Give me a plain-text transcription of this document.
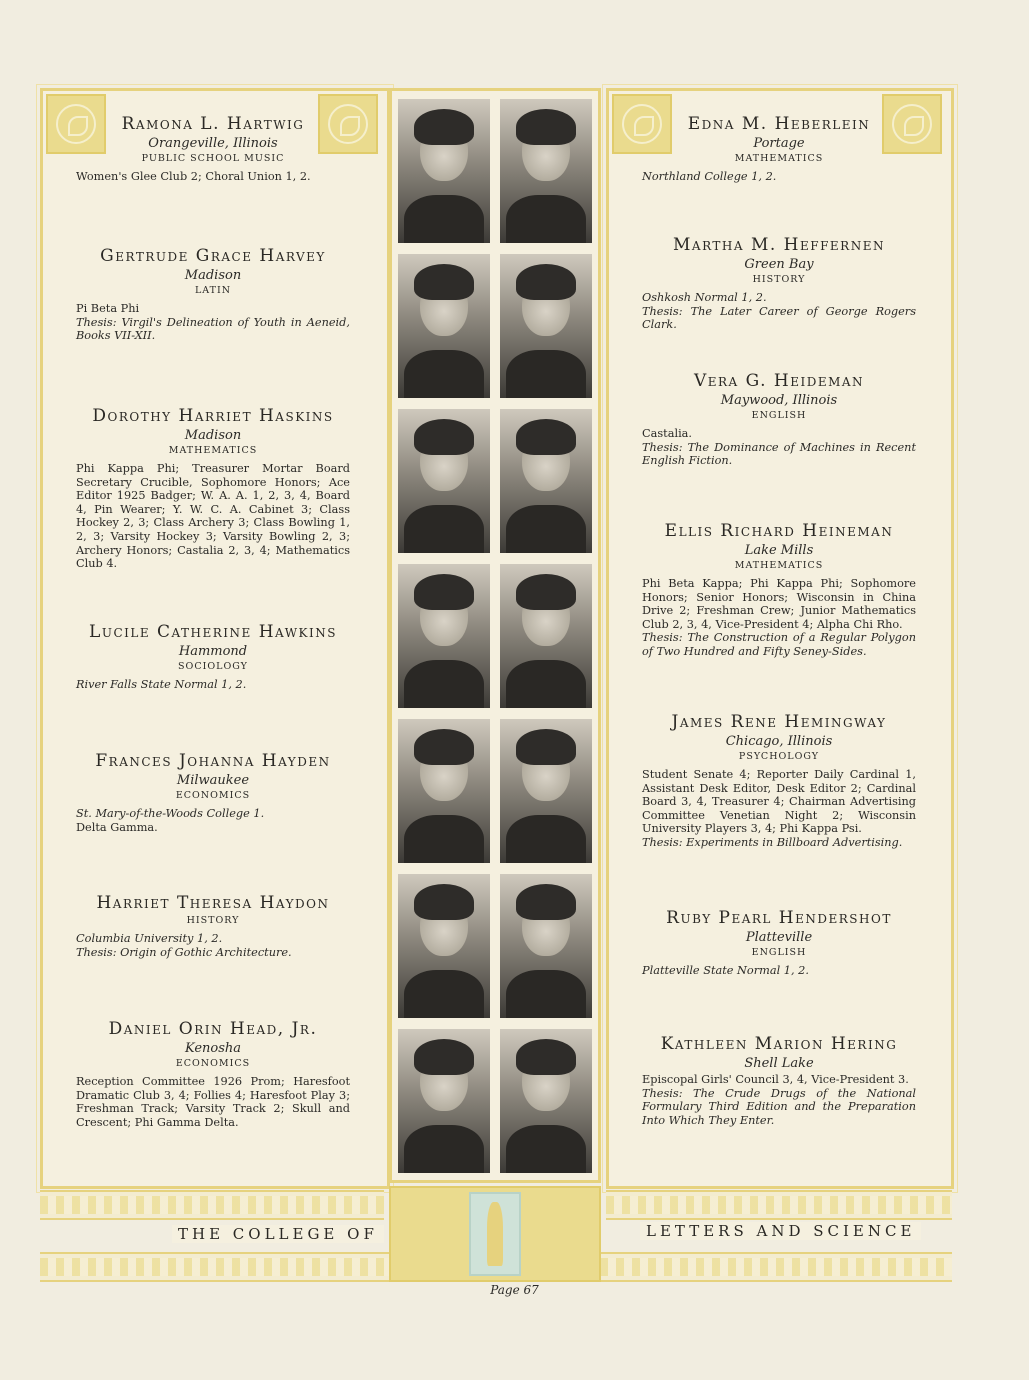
Ramona L. Hartwig
Orangeville, Illinois
PUBLIC SCHOOL MUSIC

Women's Glee Club 2; Choral Union 1, 2.

Gertrude Grace Harvey
Madison
LATIN

Pi Beta Phi

Thesis: Virgil's Delineation of Youth in Aeneid, Books VII-XII.

Dorothy Harriet Haskins
Madison
MATHEMATICS

Phi Kappa Phi; Treasurer Mortar Board Secretary Crucible, Sophomore Honors; Ace Editor 1925 Badger; W. A. A. 1, 2, 3, 4, Board 4, Pin Wearer; Y. W. C. A. Cabinet 3; Class Hockey 2, 3; Class Archery 3; Class Bowling 1, 2, 3; Varsity Hockey 3; Varsity Bowling 2, 3; Archery Honors; Castalia 2, 3, 4; Mathematics Club 4.

Lucile Catherine Hawkins
Hammond
SOCIOLOGY

River Falls State Normal 1, 2.

Frances Johanna Hayden
Milwaukee
ECONOMICS

St. Mary-of-the-Woods College 1.

Delta Gamma.

Harriet Theresa Haydon
HISTORY

Columbia University 1, 2.

Thesis: Origin of Gothic Architecture.

Daniel Orin Head, Jr.
Kenosha
ECONOMICS

Reception Committee 1926 Prom; Haresfoot Dramatic Club 3, 4; Follies 4; Haresfoot Play 3; Freshman Track; Varsity Track 2; Skull and Crescent; Phi Gamma Delta.

Edna M. Heberlein
Portage
MATHEMATICS

Northland College 1, 2.

Martha M. Heffernen
Green Bay
HISTORY

Oshkosh Normal 1, 2.

Thesis: The Later Career of George Rogers Clark.

Vera G. Heideman
Maywood, Illinois
ENGLISH

Castalia.

Thesis: The Dominance of Machines in Recent English Fiction.

Ellis Richard Heineman
Lake Mills
MATHEMATICS

Phi Beta Kappa; Phi Kappa Phi; Sophomore Honors; Senior Honors; Wisconsin in China Drive 2; Freshman Crew; Junior Mathematics Club 2, 3, 4, Vice-President 4; Alpha Chi Rho.

Thesis: The Construction of a Regular Polygon of Two Hundred and Fifty Seney-Sides.

James Rene Hemingway
Chicago, Illinois
PSYCHOLOGY

Student Senate 4; Reporter Daily Cardinal 1, Assistant Desk Editor, Desk Editor 2; Cardinal Board 3, 4, Treasurer 4; Chairman Advertising Committee Venetian Night 2; Wisconsin University Players 3, 4; Phi Kappa Psi.

Thesis: Experiments in Billboard Advertising.

Ruby Pearl Hendershot
Platteville
ENGLISH

Platteville State Normal 1, 2.

Kathleen Marion Hering
Shell Lake

Episcopal Girls' Council 3, 4, Vice-President 3.

Thesis: The Crude Drugs of the National Formulary Third Edition and the Preparation Into Which They Enter.

THE COLLEGE OF	LETTERS AND SCIENCE
Page 67
